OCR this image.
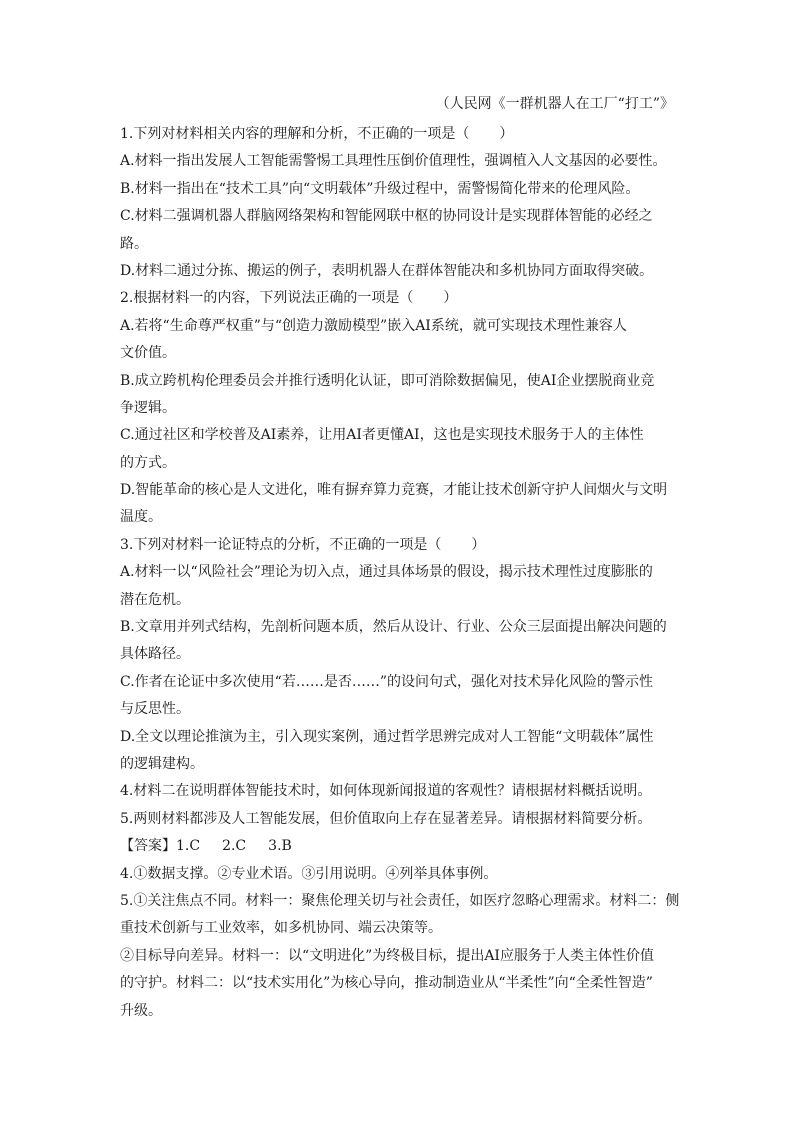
（人民网《一群机器人在工厂“打工”》
1.下列对材料相关内容的理解和分析，不正确的一项是（ ）
A.材料一指出发展人工智能需警惕工具理性压倒价值理性，强调植入人文基因的必要性。
B.材料一指出在“技术工具”向“文明载体”升级过程中，需警惕简化带来的伦理风险。
C.材料二强调机器人群脑网络架构和智能网联中枢的协同设计是实现群体智能的必经之
路。
D.材料二通过分拣、搬运的例子，表明机器人在群体智能决和多机协同方面取得突破。
2.根据材料一的内容，下列说法正确的一项是（ ）
A.若将“生命尊严权重”与“创造力激励模型”嵌入AI系统，就可实现技术理性兼容人
文价值。
B.成立跨机构伦理委员会并推行透明化认证，即可消除数据偏见，使AI企业摆脱商业竞
争逻辑。
C.通过社区和学校普及AI素养，让用AI者更懂AI，这也是实现技术服务于人的主体性
的方式。
D.智能革命的核心是人文进化，唯有摒弃算力竞赛，才能让技术创新守护人间烟火与文明
温度。
3.下列对材料一论证特点的分析，不正确的一项是（ ）
A.材料一以“风险社会”理论为切入点，通过具体场景的假设，揭示技术理性过度膨胀的
潜在危机。
B.文章用并列式结构，先剖析问题本质，然后从设计、行业、公众三层面提出解决问题的
具体路径。
C.作者在论证中多次使用“若……是否……”的设问句式，强化对技术异化风险的警示性
与反思性。
D.全文以理论推演为主，引入现实案例，通过哲学思辨完成对人工智能“文明载体”属性
的逻辑建构。
4.材料二在说明群体智能技术时，如何体现新闻报道的客观性？请根据材料概括说明。
5.两则材料都涉及人工智能发展，但价值取向上存在显著差异。请根据材料简要分析。
【答案】1.C 2.C 3.B
4.①数据支撑。②专业术语。③引用说明。④列举具体事例。
5.①关注焦点不同。材料一：聚焦伦理关切与社会责任，如医疗忽略心理需求。材料二：侧
重技术创新与工业效率，如多机协同、端云决策等。
②目标导向差异。材料一：以“文明进化”为终极目标，提出AI应服务于人类主体性价值
的守护。材料二：以“技术实用化”为核心导向，推动制造业从“半柔性”向“全柔性智造”
升级。
